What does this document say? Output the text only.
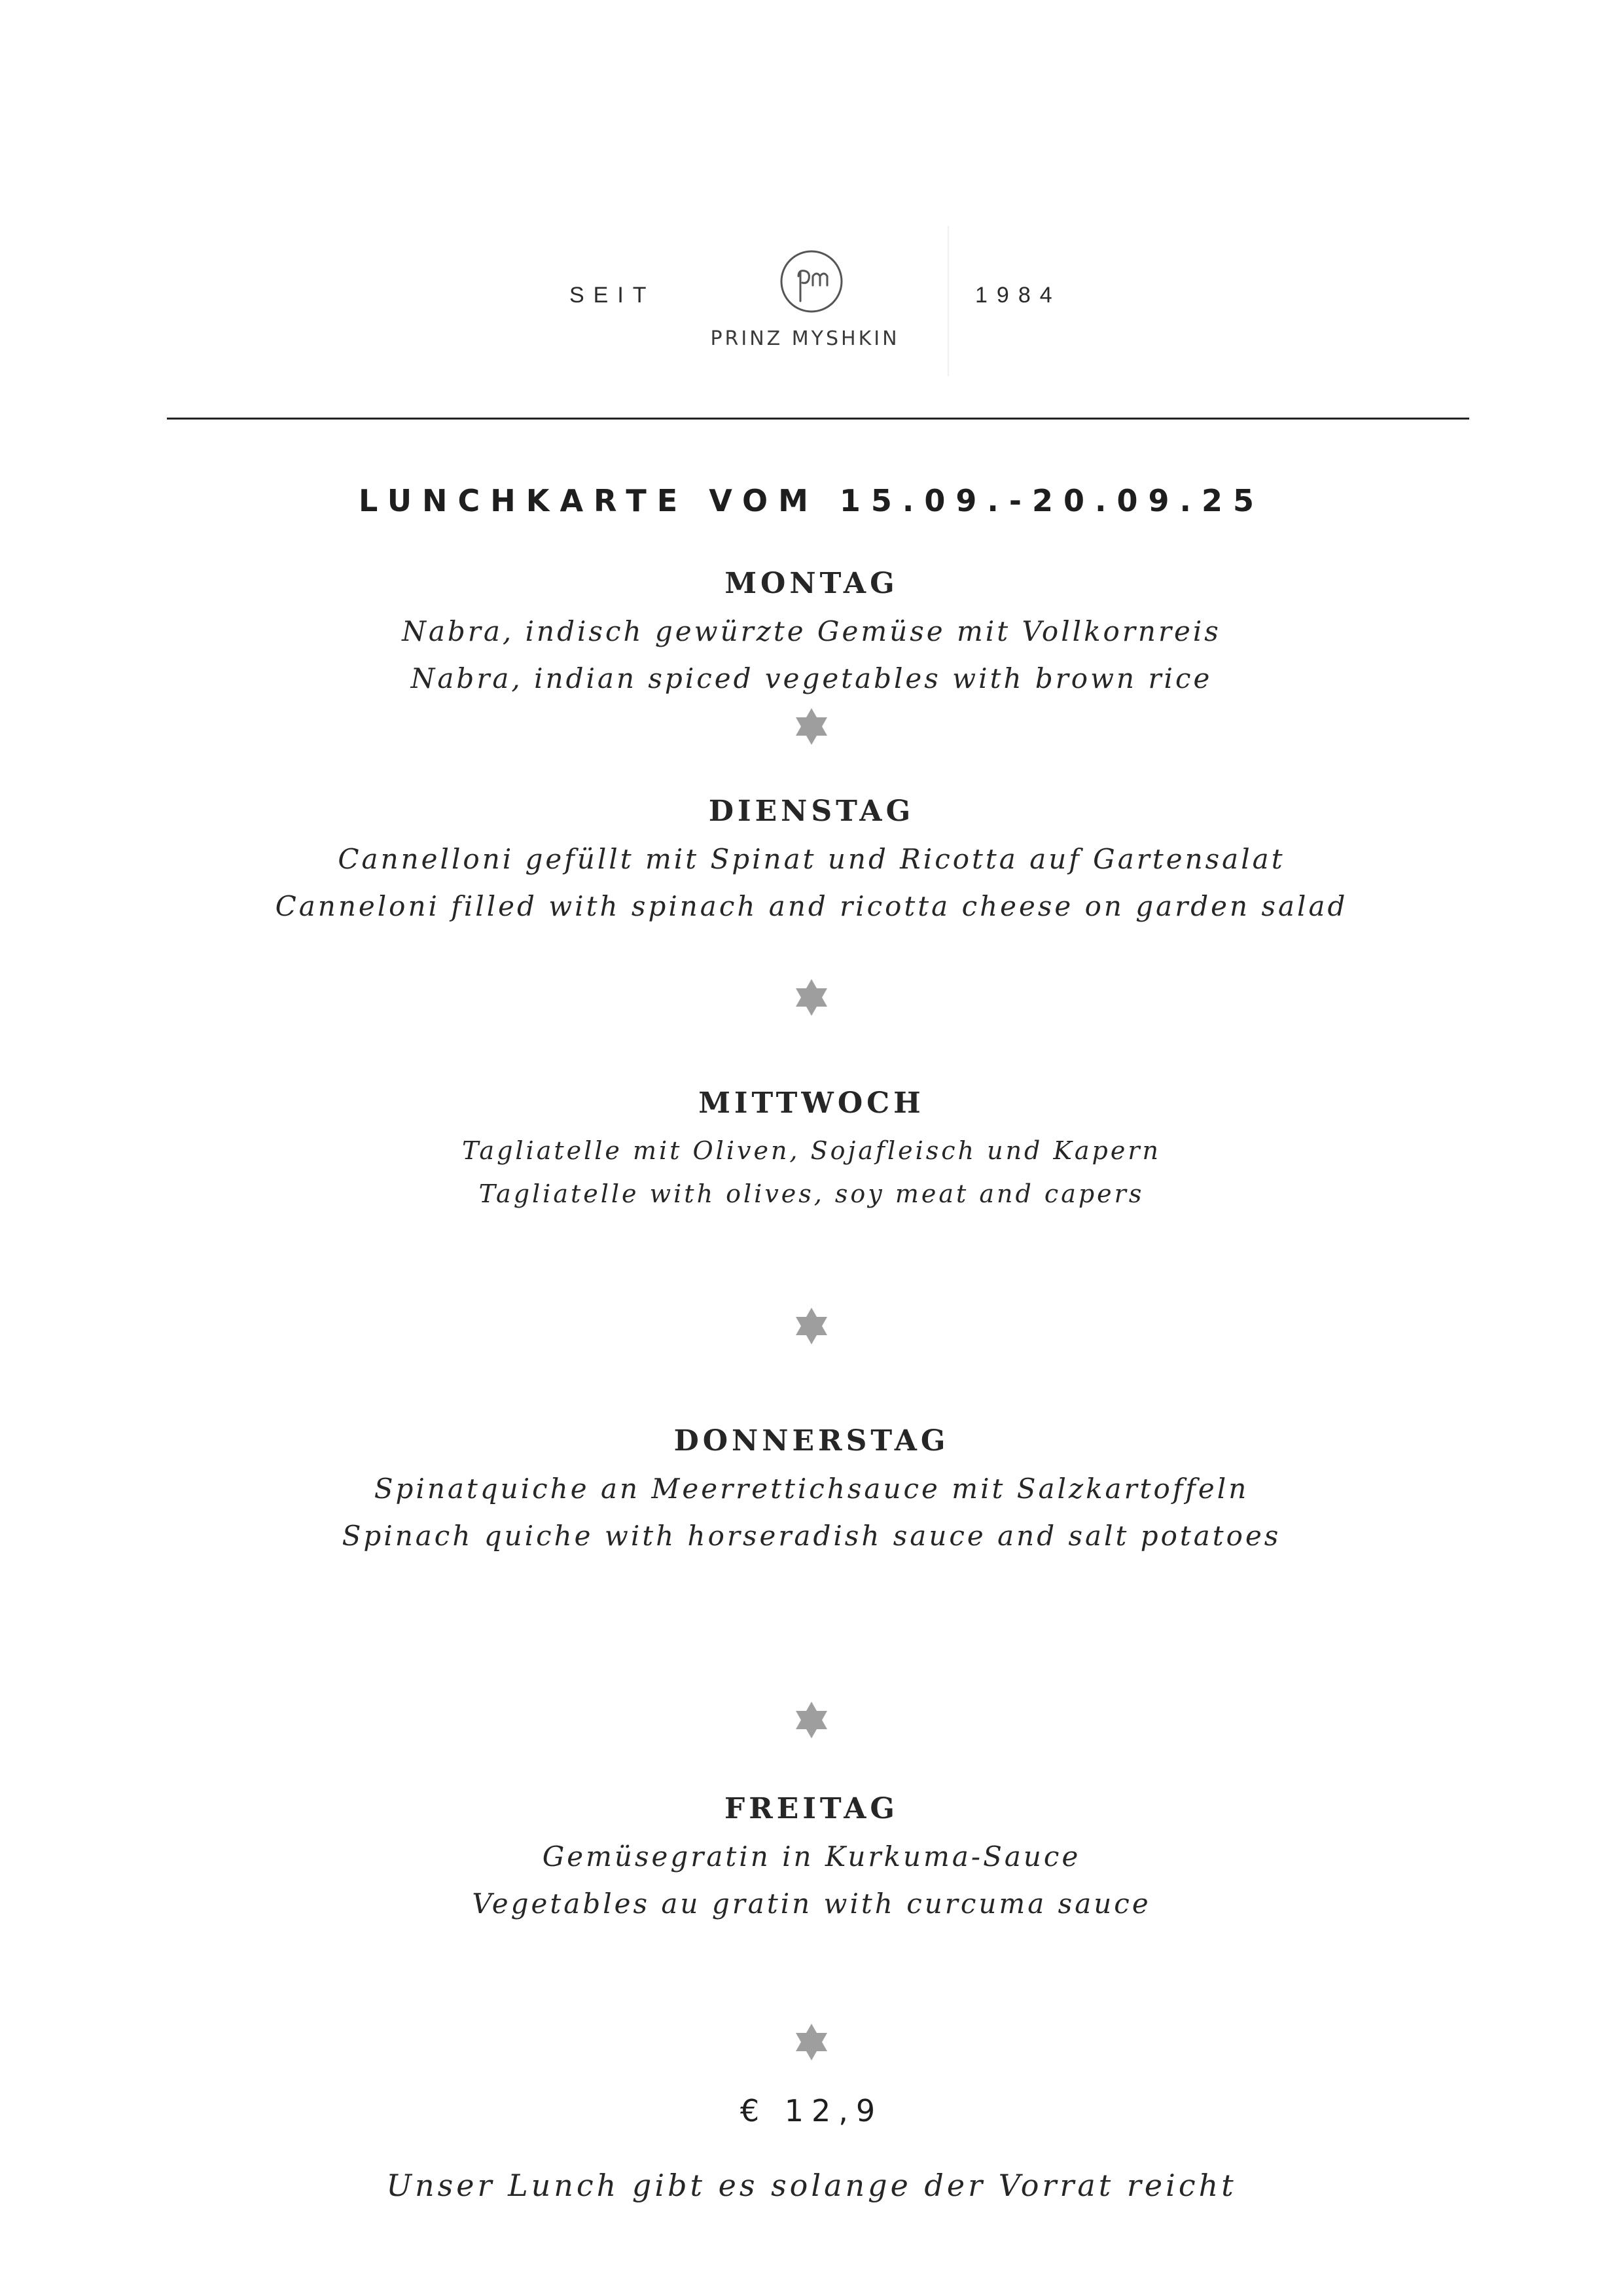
SEIT
PRINZ MYSHKIN
1984
LUNCHKARTE VOM 15.09.-20.09.25
MONTAG
Nabra, indisch gewürzte Gemüse mit Vollkornreis
Nabra, indian spiced vegetables with brown rice
DIENSTAG
Cannelloni gefüllt mit Spinat und Ricotta auf Gartensalat
Canneloni filled with spinach and ricotta cheese on garden salad
MITTWOCH
Tagliatelle mit Oliven, Sojafleisch und Kapern
Tagliatelle with olives, soy meat and capers
DONNERSTAG
Spinatquiche an Meerrettichsauce mit Salzkartoffeln
Spinach quiche with horseradish sauce and salt potatoes
FREITAG
Gemüsegratin in Kurkuma-Sauce
Vegetables au gratin with curcuma sauce
€ 12,9
Unser Lunch gibt es solange der Vorrat reicht
